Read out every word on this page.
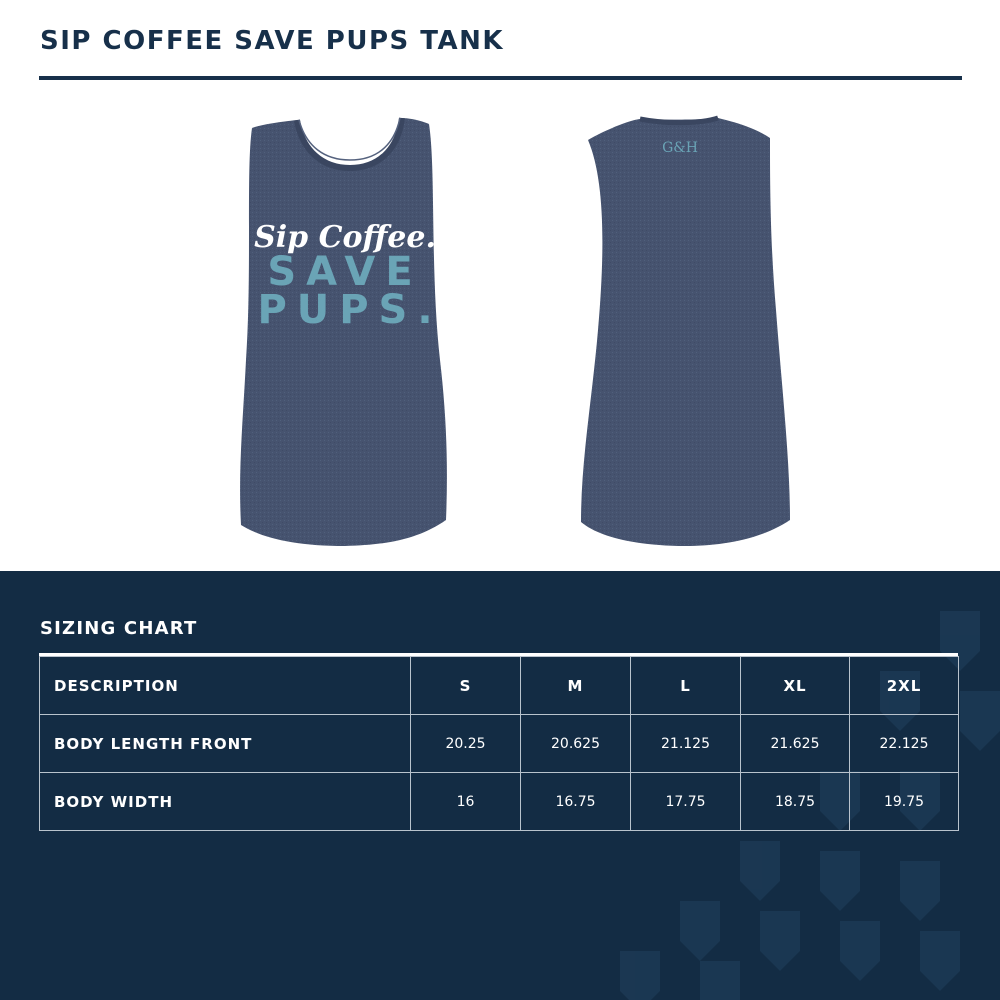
SIP COFFEE SAVE PUPS TANK
Sip Coffee.
SAVE
PUPS.
G&H
SIZING CHART
DESCRIPTION	S	M	L	XL	2XL
BODY LENGTH FRONT	20.25	20.625	21.125	21.625	22.125
BODY WIDTH	16	16.75	17.75	18.75	19.75
